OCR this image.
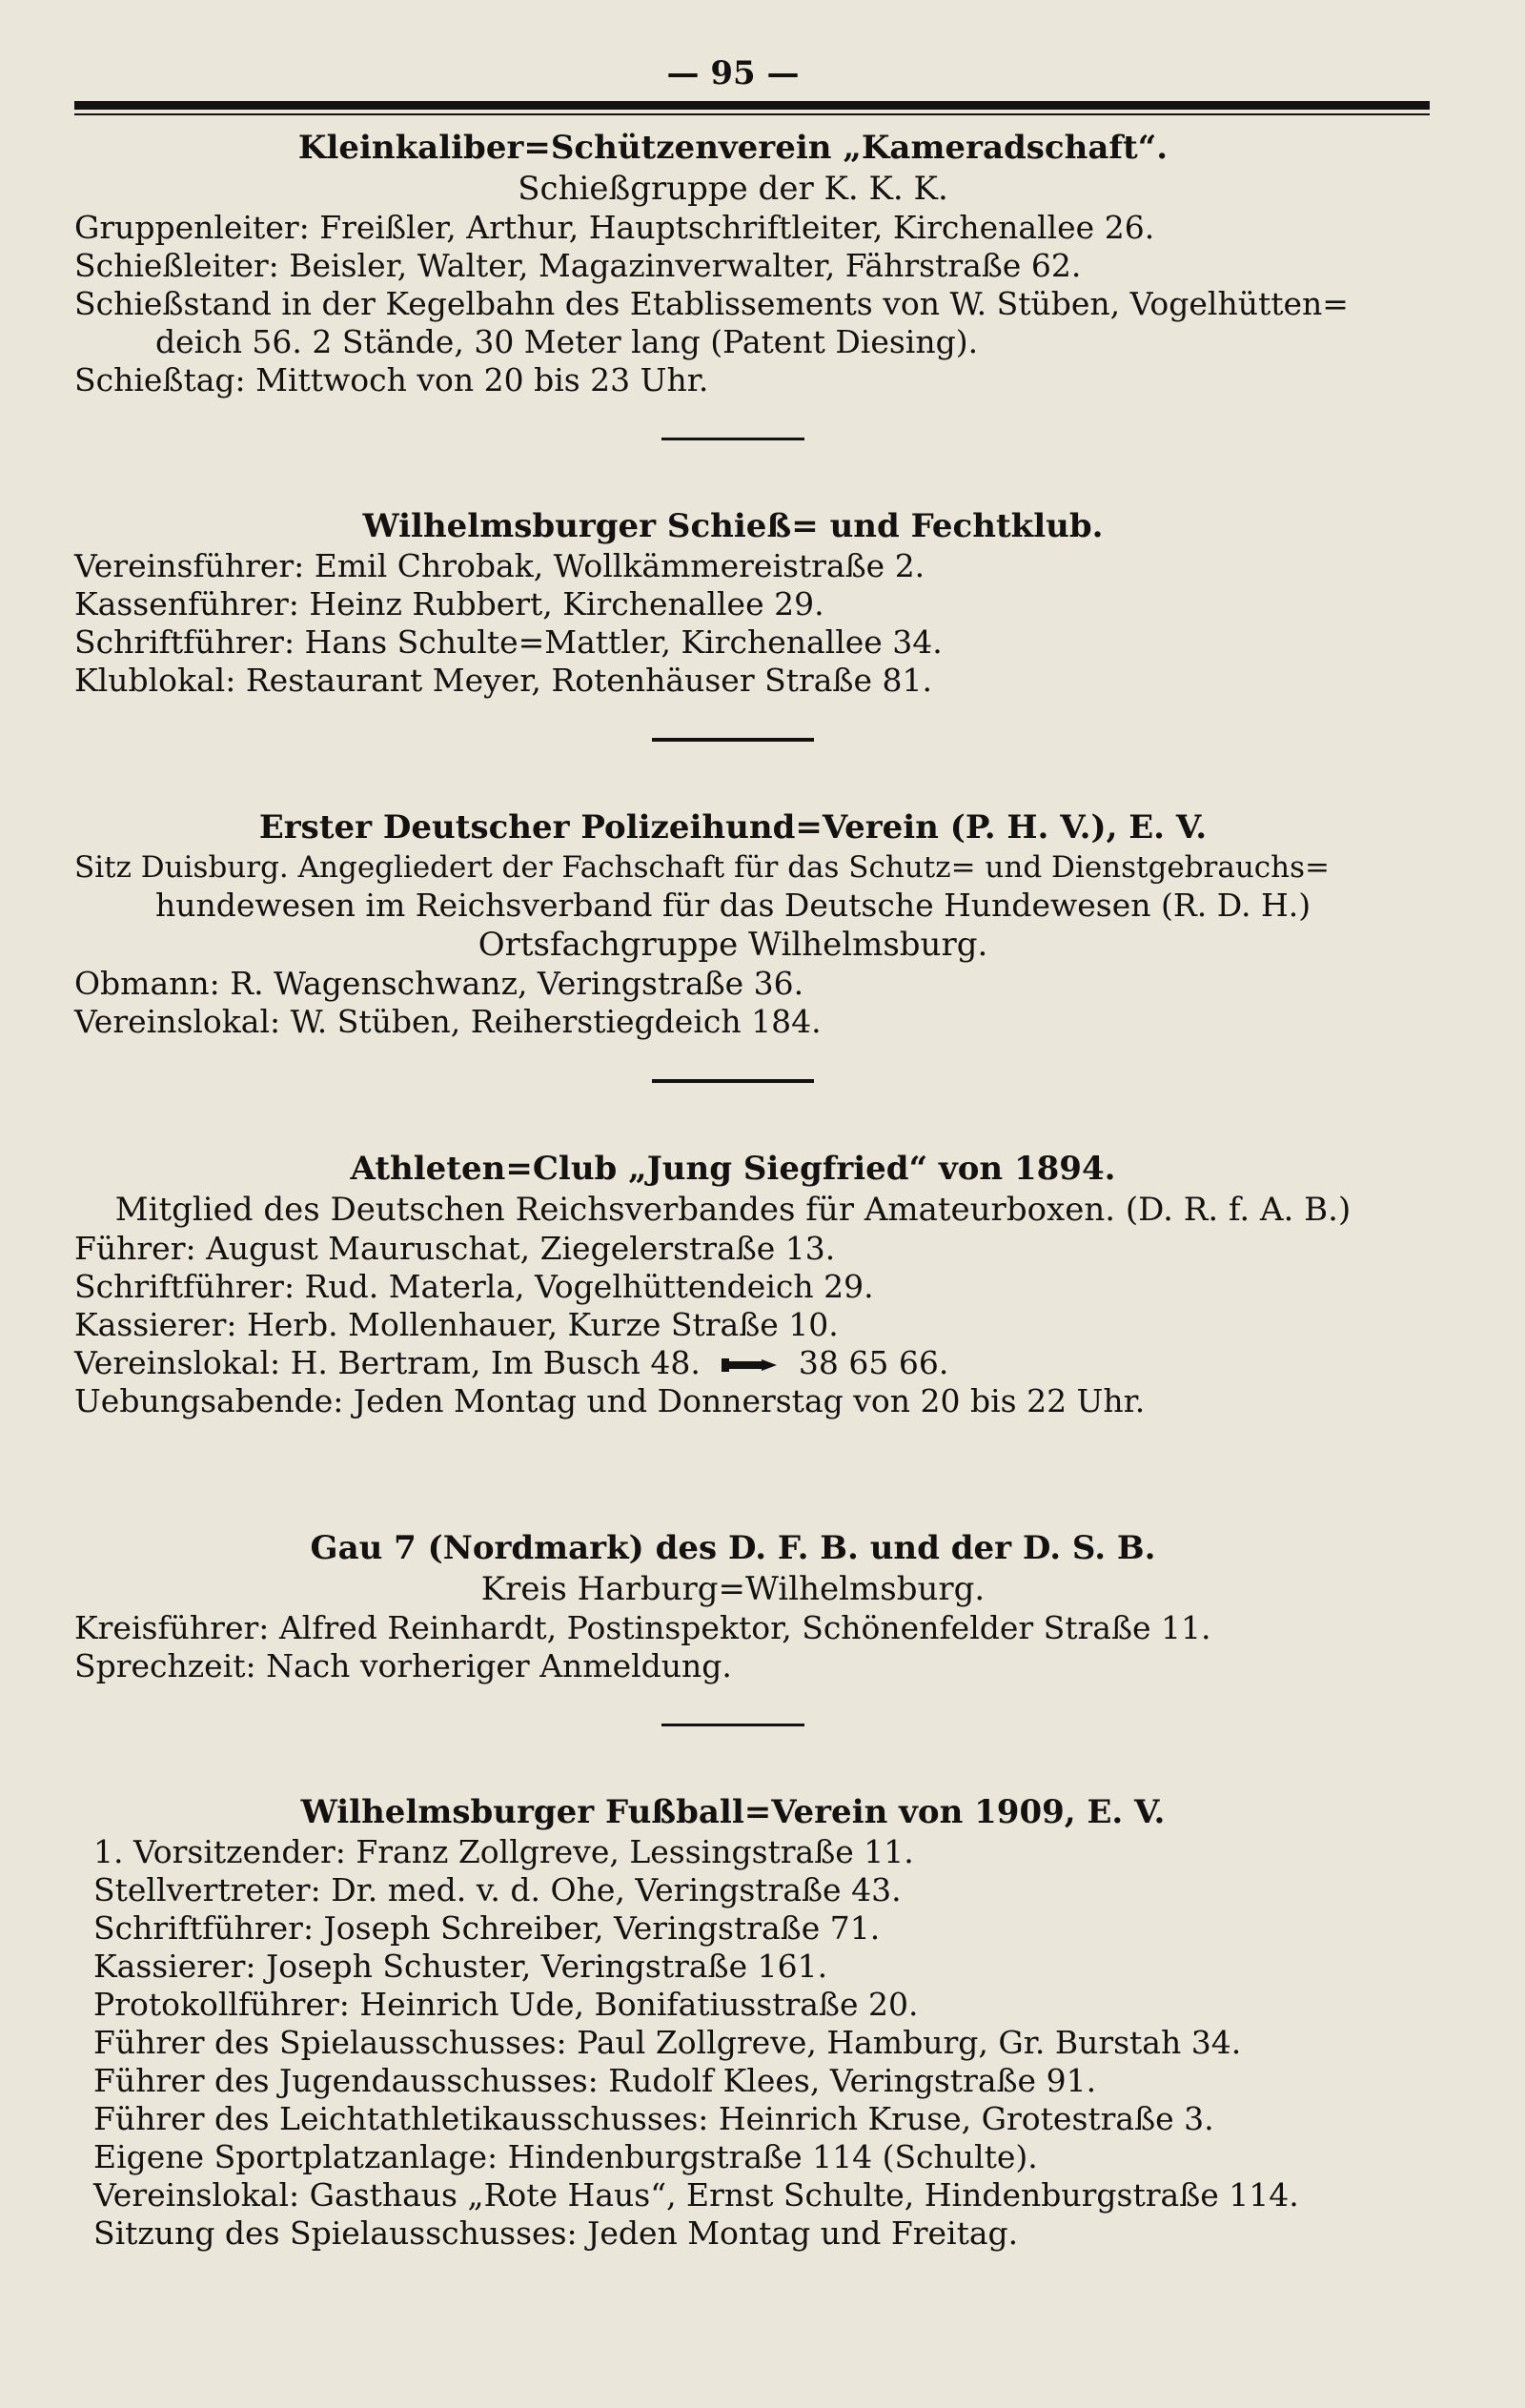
— 95 —

Kleinkaliber=Schützenverein „Kameradschaft“.

Schießgruppe der K. K. K.

Gruppenleiter: Freißler, Arthur, Hauptschriftleiter, Kirchenallee 26.

Schießleiter: Beisler, Walter, Magazinverwalter, Fährstraße 62.

Schießstand in der Kegelbahn des Etablissements von W. Stüben, Vogelhütten=

deich 56. 2 Stände, 30 Meter lang (Patent Diesing).

Schießtag: Mittwoch von 20 bis 23 Uhr.

Wilhelmsburger Schieß= und Fechtklub.

Vereinsführer: Emil Chrobak, Wollkämmereistraße 2.

Kassenführer: Heinz Rubbert, Kirchenallee 29.

Schriftführer: Hans Schulte=Mattler, Kirchenallee 34.

Klublokal: Restaurant Meyer, Rotenhäuser Straße 81.

Erster Deutscher Polizeihund=Verein (P. H. V.), E. V.

Sitz Duisburg. Angegliedert der Fachschaft für das Schutz= und Dienstgebrauchs=

hundewesen im Reichsverband für das Deutsche Hundewesen (R. D. H.)

Ortsfachgruppe Wilhelmsburg.

Obmann: R. Wagenschwanz, Veringstraße 36.

Vereinslokal: W. Stüben, Reiherstiegdeich 184.

Athleten=Club „Jung Siegfried“ von 1894.

Mitglied des Deutschen Reichsverbandes für Amateurboxen. (D. R. f. A. B.)

Führer: August Mauruschat, Ziegelerstraße 13.

Schriftführer: Rud. Materla, Vogelhüttendeich 29.

Kassierer: Herb. Mollenhauer, Kurze Straße 10.

Vereinslokal: H. Bertram, Im Busch 48.	38 65 66.

Uebungsabende: Jeden Montag und Donnerstag von 20 bis 22 Uhr.

Gau 7 (Nordmark) des D. F. B. und der D. S. B.

Kreis Harburg=Wilhelmsburg.

Kreisführer: Alfred Reinhardt, Postinspektor, Schönenfelder Straße 11.

Sprechzeit: Nach vorheriger Anmeldung.

Wilhelmsburger Fußball=Verein von 1909, E. V.

1. Vorsitzender: Franz Zollgreve, Lessingstraße 11.

Stellvertreter: Dr. med. v. d. Ohe, Veringstraße 43.

Schriftführer: Joseph Schreiber, Veringstraße 71.

Kassierer: Joseph Schuster, Veringstraße 161.

Protokollführer: Heinrich Ude, Bonifatiusstraße 20.

Führer des Spielausschusses: Paul Zollgreve, Hamburg, Gr. Burstah 34.

Führer des Jugendausschusses: Rudolf Klees, Veringstraße 91.

Führer des Leichtathletikausschusses: Heinrich Kruse, Grotestraße 3.

Eigene Sportplatzanlage: Hindenburgstraße 114 (Schulte).

Vereinslokal: Gasthaus „Rote Haus“, Ernst Schulte, Hindenburgstraße 114.

Sitzung des Spielausschusses: Jeden Montag und Freitag.
